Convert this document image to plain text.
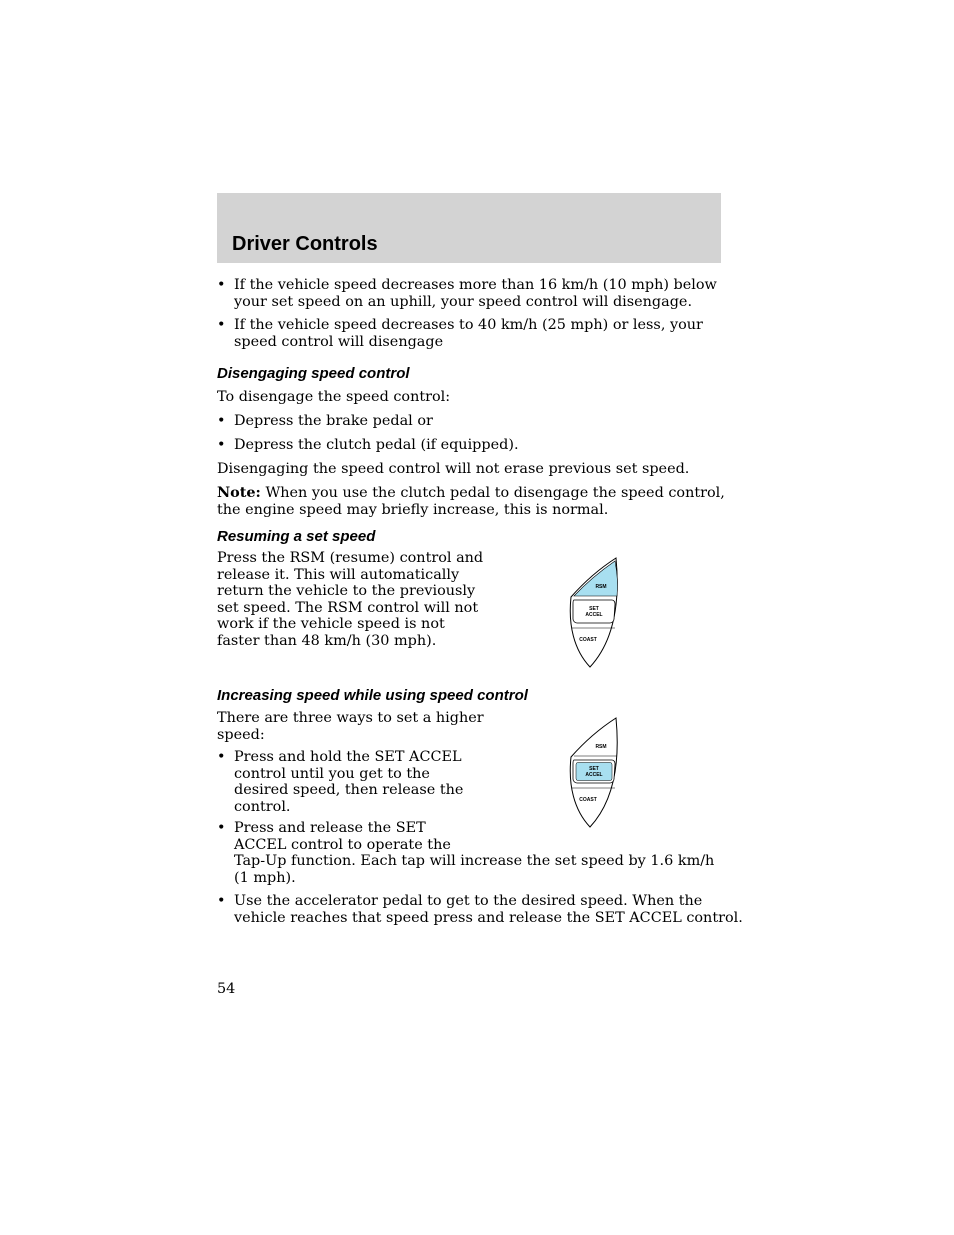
Driver Controls
• If the vehicle speed decreases more than 16 km/h (10 mph) below
your set speed on an uphill, your speed control will disengage.
• If the vehicle speed decreases to 40 km/h (25 mph) or less, your
speed control will disengage
Disengaging speed control
To disengage the speed control:
• Depress the brake pedal or
• Depress the clutch pedal (if equipped).
Disengaging the speed control will not erase previous set speed.
Note: When you use the clutch pedal to disengage the speed control,
the engine speed may briefly increase, this is normal.
Resuming a set speed
Press the RSM (resume) control and
release it. This will automatically
return the vehicle to the previously
set speed. The RSM control will not
work if the vehicle speed is not
faster than 48 km/h (30 mph).
RSM
SET
ACCEL
COAST
Increasing speed while using speed control
There are three ways to set a higher
speed:
• Press and hold the SET ACCEL
control until you get to the
desired speed, then release the
control.
• Press and release the SET
ACCEL control to operate the
Tap-Up function. Each tap will increase the set speed by 1.6 km/h
(1 mph).
• Use the accelerator pedal to get to the desired speed. When the
vehicle reaches that speed press and release the SET ACCEL control.
RSM
SET
ACCEL
COAST
54
